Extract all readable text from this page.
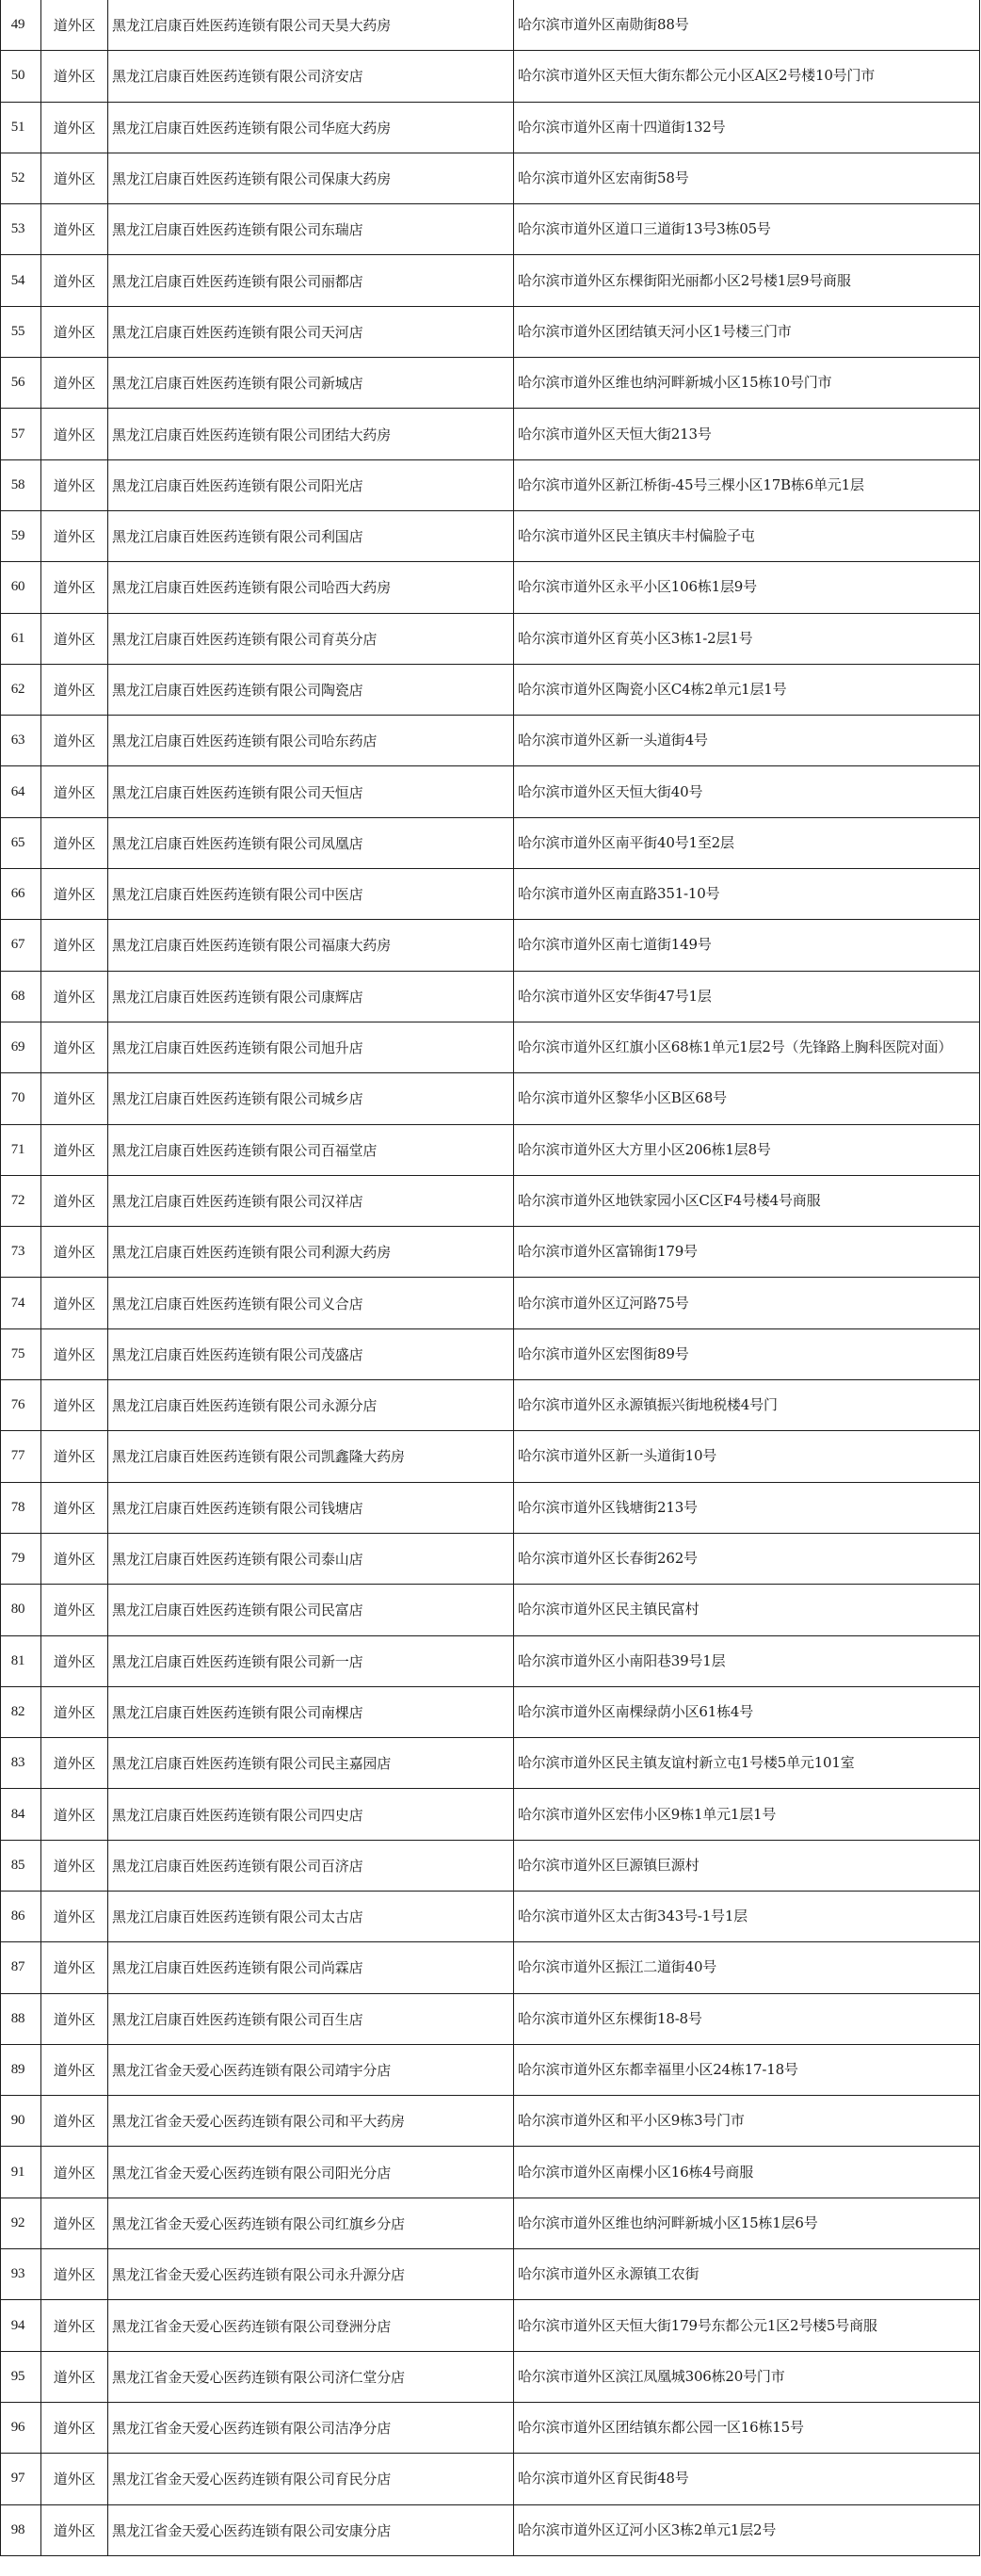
49	道外区	黑龙江启康百姓医药连锁有限公司天昊大药房	哈尔滨市道外区南勋街88号
50	道外区	黑龙江启康百姓医药连锁有限公司济安店	哈尔滨市道外区天恒大街东都公元小区A区2号楼10号门市
51	道外区	黑龙江启康百姓医药连锁有限公司华庭大药房	哈尔滨市道外区南十四道街132号
52	道外区	黑龙江启康百姓医药连锁有限公司保康大药房	哈尔滨市道外区宏南街58号
53	道外区	黑龙江启康百姓医药连锁有限公司东瑞店	哈尔滨市道外区道口三道街13号3栋05号
54	道外区	黑龙江启康百姓医药连锁有限公司丽都店	哈尔滨市道外区东棵街阳光丽都小区2号楼1层9号商服
55	道外区	黑龙江启康百姓医药连锁有限公司天河店	哈尔滨市道外区团结镇天河小区1号楼三门市
56	道外区	黑龙江启康百姓医药连锁有限公司新城店	哈尔滨市道外区维也纳河畔新城小区15栋10号门市
57	道外区	黑龙江启康百姓医药连锁有限公司团结大药房	哈尔滨市道外区天恒大街213号
58	道外区	黑龙江启康百姓医药连锁有限公司阳光店	哈尔滨市道外区新江桥街-45号三棵小区17B栋6单元1层
59	道外区	黑龙江启康百姓医药连锁有限公司利国店	哈尔滨市道外区民主镇庆丰村偏脸子屯
60	道外区	黑龙江启康百姓医药连锁有限公司哈西大药房	哈尔滨市道外区永平小区106栋1层9号
61	道外区	黑龙江启康百姓医药连锁有限公司育英分店	哈尔滨市道外区育英小区3栋1-2层1号
62	道外区	黑龙江启康百姓医药连锁有限公司陶瓷店	哈尔滨市道外区陶瓷小区C4栋2单元1层1号
63	道外区	黑龙江启康百姓医药连锁有限公司哈东药店	哈尔滨市道外区新一头道街4号
64	道外区	黑龙江启康百姓医药连锁有限公司天恒店	哈尔滨市道外区天恒大街40号
65	道外区	黑龙江启康百姓医药连锁有限公司凤凰店	哈尔滨市道外区南平街40号1至2层
66	道外区	黑龙江启康百姓医药连锁有限公司中医店	哈尔滨市道外区南直路351-10号
67	道外区	黑龙江启康百姓医药连锁有限公司福康大药房	哈尔滨市道外区南七道街149号
68	道外区	黑龙江启康百姓医药连锁有限公司康辉店	哈尔滨市道外区安华街47号1层
69	道外区	黑龙江启康百姓医药连锁有限公司旭升店	哈尔滨市道外区红旗小区68栋1单元1层2号（先锋路上胸科医院对面）
70	道外区	黑龙江启康百姓医药连锁有限公司城乡店	哈尔滨市道外区黎华小区B区68号
71	道外区	黑龙江启康百姓医药连锁有限公司百福堂店	哈尔滨市道外区大方里小区206栋1层8号
72	道外区	黑龙江启康百姓医药连锁有限公司汉祥店	哈尔滨市道外区地铁家园小区C区F4号楼4号商服
73	道外区	黑龙江启康百姓医药连锁有限公司利源大药房	哈尔滨市道外区富锦街179号
74	道外区	黑龙江启康百姓医药连锁有限公司义合店	哈尔滨市道外区辽河路75号
75	道外区	黑龙江启康百姓医药连锁有限公司茂盛店	哈尔滨市道外区宏图街89号
76	道外区	黑龙江启康百姓医药连锁有限公司永源分店	哈尔滨市道外区永源镇振兴街地税楼4号门
77	道外区	黑龙江启康百姓医药连锁有限公司凯鑫隆大药房	哈尔滨市道外区新一头道街10号
78	道外区	黑龙江启康百姓医药连锁有限公司钱塘店	哈尔滨市道外区钱塘街213号
79	道外区	黑龙江启康百姓医药连锁有限公司泰山店	哈尔滨市道外区长春街262号
80	道外区	黑龙江启康百姓医药连锁有限公司民富店	哈尔滨市道外区民主镇民富村
81	道外区	黑龙江启康百姓医药连锁有限公司新一店	哈尔滨市道外区小南阳巷39号1层
82	道外区	黑龙江启康百姓医药连锁有限公司南棵店	哈尔滨市道外区南棵绿荫小区61栋4号
83	道外区	黑龙江启康百姓医药连锁有限公司民主嘉园店	哈尔滨市道外区民主镇友谊村新立屯1号楼5单元101室
84	道外区	黑龙江启康百姓医药连锁有限公司四史店	哈尔滨市道外区宏伟小区9栋1单元1层1号
85	道外区	黑龙江启康百姓医药连锁有限公司百济店	哈尔滨市道外区巨源镇巨源村
86	道外区	黑龙江启康百姓医药连锁有限公司太古店	哈尔滨市道外区太古街343号-1号1层
87	道外区	黑龙江启康百姓医药连锁有限公司尚霖店	哈尔滨市道外区振江二道街40号
88	道外区	黑龙江启康百姓医药连锁有限公司百生店	哈尔滨市道外区东棵街18-8号
89	道外区	黑龙江省金天爱心医药连锁有限公司靖宇分店	哈尔滨市道外区东都幸福里小区24栋17-18号
90	道外区	黑龙江省金天爱心医药连锁有限公司和平大药房	哈尔滨市道外区和平小区9栋3号门市
91	道外区	黑龙江省金天爱心医药连锁有限公司阳光分店	哈尔滨市道外区南棵小区16栋4号商服
92	道外区	黑龙江省金天爱心医药连锁有限公司红旗乡分店	哈尔滨市道外区维也纳河畔新城小区15栋1层6号
93	道外区	黑龙江省金天爱心医药连锁有限公司永升源分店	哈尔滨市道外区永源镇工农街
94	道外区	黑龙江省金天爱心医药连锁有限公司登洲分店	哈尔滨市道外区天恒大街179号东都公元1区2号楼5号商服
95	道外区	黑龙江省金天爱心医药连锁有限公司济仁堂分店	哈尔滨市道外区滨江凤凰城306栋20号门市
96	道外区	黑龙江省金天爱心医药连锁有限公司洁净分店	哈尔滨市道外区团结镇东都公园一区16栋15号
97	道外区	黑龙江省金天爱心医药连锁有限公司育民分店	哈尔滨市道外区育民街48号
98	道外区	黑龙江省金天爱心医药连锁有限公司安康分店	哈尔滨市道外区辽河小区3栋2单元1层2号
